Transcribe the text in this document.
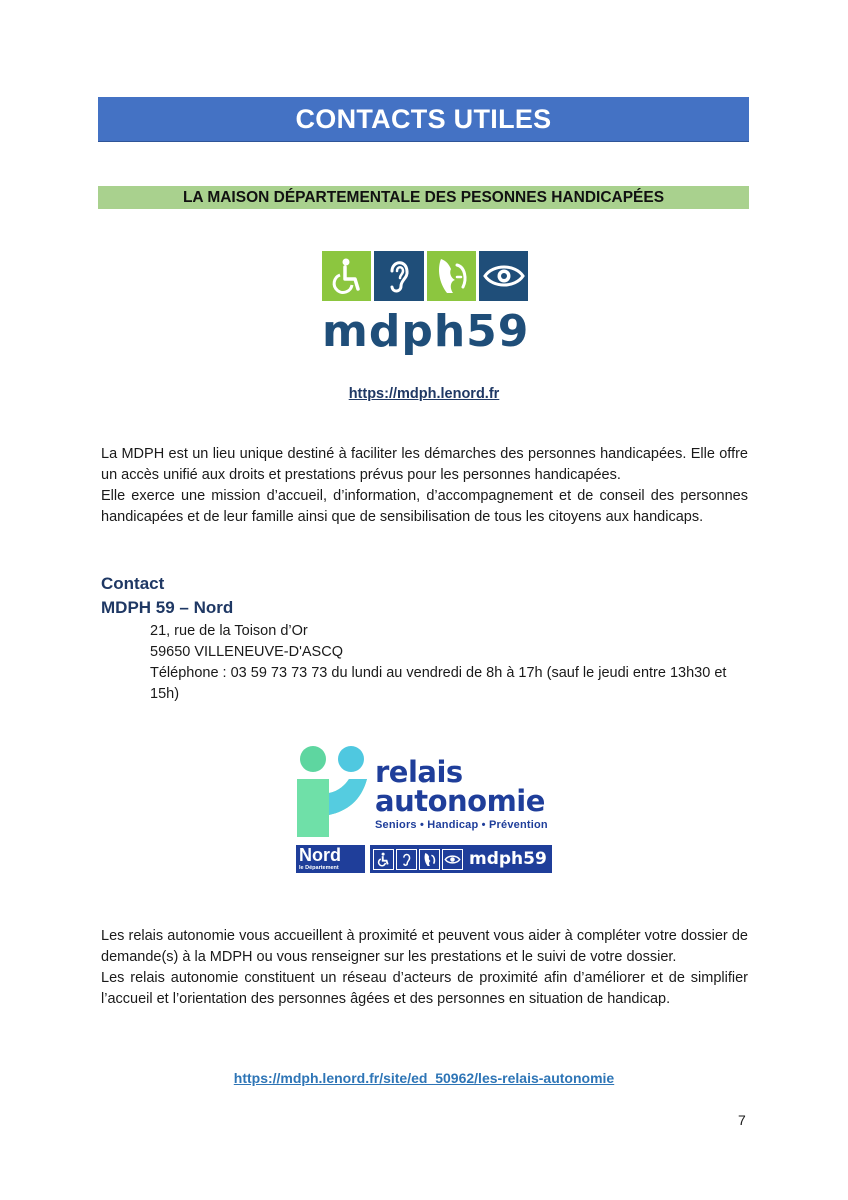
CONTACTS UTILES
LA MAISON DÉPARTEMENTALE DES PESONNES HANDICAPÉES
mdph59
https://mdph.lenord.fr

La MDPH est un lieu unique destiné à faciliter les démarches des personnes handicapées. Elle offre un accès unifié aux droits et prestations prévus pour les personnes handicapées.

Elle exerce une mission d’accueil, d’information, d’accompagnement et de conseil des personnes handicapées et de leur famille ainsi que de sensibilisation de tous les citoyens aux handicaps.

Contact
MDPH 59 – Nord
21, rue de la Toison d’Or
59650 VILLENEUVE-D'ASCQ
Téléphone : 03 59 73 73 73 du lundi au vendredi de 8h à 17h (sauf le jeudi entre 13h30 et 15h)
relais
autonomie
Seniors • Handicap • Prévention
Nord
le Département	mdph59

Les relais autonomie vous accueillent à proximité et peuvent vous aider à compléter votre dossier de demande(s) à la MDPH ou vous renseigner sur les prestations et le suivi de votre dossier.

Les relais autonomie constituent un réseau d’acteurs de proximité afin d’améliorer et de simplifier l’accueil et l’orientation des personnes âgées et des personnes en situation de handicap.

https://mdph.lenord.fr/site/ed_50962/les-relais-autonomie
7
